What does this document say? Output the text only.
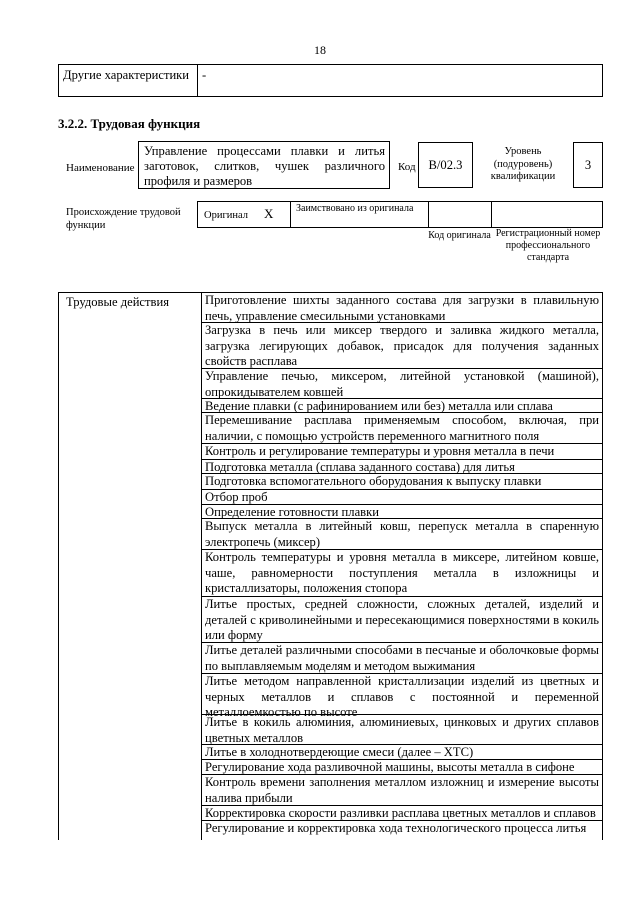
18
Другие характеристики -
3.2.2. Трудовая функция
Наименование
Управление процессами плавки и литья заготовок, слитков, чушек различного профиля и размеров
Код	B/02.3
Уровень (подуровень) квалификации
3
Происхождение трудовой функции
Оригинал X Заимствовано из оригинала
Код оригинала Регистрационный номер профессионального стандарта
Трудовые действия	Приготовление шихты заданного состава для загрузки в плавильную печь, управление смесильными установками
Загрузка в печь или миксер твердого и заливка жидкого металла, загрузка легирующих добавок, присадок для получения заданных свойств расплава
Управление печью, миксером, литейной установкой (машиной), опрокидывателем ковшей
Ведение плавки (с рафинированием или без) металла или сплава
Перемешивание расплава применяемым способом, включая, при наличии, с помощью устройств переменного магнитного поля
Контроль и регулирование температуры и уровня металла в печи
Подготовка металла (сплава заданного состава) для литья
Подготовка вспомогательного оборудования к выпуску плавки
Отбор проб
Определение готовности плавки
Выпуск металла в литейный ковш, перепуск металла в спаренную электропечь (миксер)
Контроль температуры и уровня металла в миксере, литейном ковше, чаше, равномерности поступления металла в изложницы и кристаллизаторы, положения стопора
Литье простых, средней сложности, сложных деталей, изделий и деталей с криволинейными и пересекающимися поверхностями в кокиль или форму
Литье деталей различными способами в песчаные и оболочковые формы по выплавляемым моделям и методом выжимания
Литье методом направленной кристаллизации изделий из цветных и черных металлов и сплавов с постоянной и переменной металлоемкостью по высоте
Литье в кокиль алюминия, алюминиевых, цинковых и других сплавов цветных металлов
Литье в холоднотвердеющие смеси (далее – ХТС)
Регулирование хода разливочной машины, высоты металла в сифоне
Контроль времени заполнения металлом изложниц и измерение высоты налива прибыли
Корректировка скорости разливки расплава цветных металлов и сплавов
Регулирование и корректировка хода технологического процесса литья
